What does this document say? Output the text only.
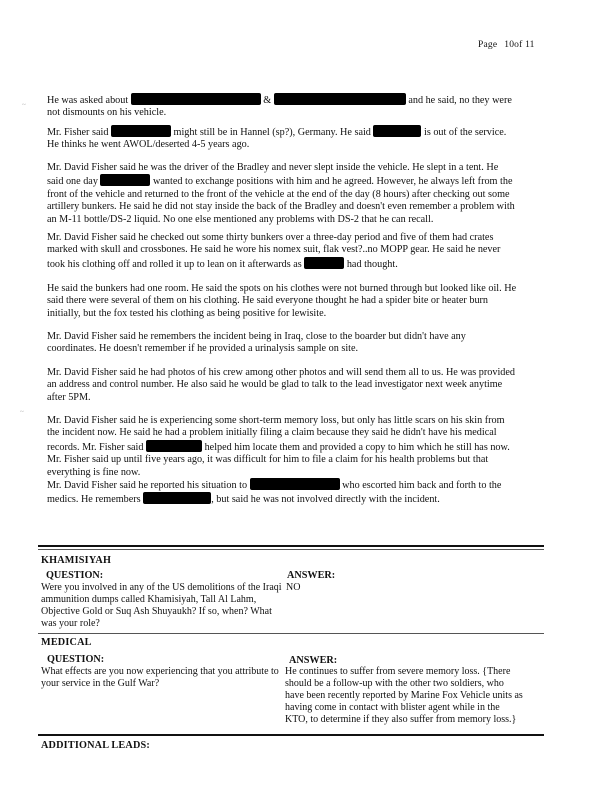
Page 10of 11
~ He was asked about	&	and he said, no they were not dismounts on his vehicle.

Mr. Fisher said	might still be in Hannel (sp?), Germany. He said	is out of the service. He thinks he went AWOL/deserted 4-5 years ago.

Mr. David Fisher said he was the driver of the Bradley and never slept inside the vehicle. He slept in a tent. He said one day	wanted to exchange positions with him and he agreed. However, he always left from the front of the vehicle and returned to the front of the vehicle at the end of the day (8 hours) after checking out some artillery bunkers. He said he did not stay inside the back of the Bradley and doesn't even remember a problem with an M-11 bottle/DS-2 liquid. No one else mentioned any problems with DS-2 that he can recall.

Mr. David Fisher said he checked out some thirty bunkers over a three-day period and five of them had crates marked with skull and crossbones. He said he wore his nomex suit, flak vest?..no MOPP gear. He said he never took his clothing off and rolled it up to lean on it afterwards as	had thought.

He said the bunkers had one room. He said the spots on his clothes were not burned through but looked like oil. He said there were several of them on his clothing. He said everyone thought he had a spider bite or heater burn initially, but the fox tested his clothing as being positive for lewisite.

Mr. David Fisher said he remembers the incident being in Iraq, close to the boarder but didn't have any coordinates. He doesn't remember if he provided a urinalysis sample on site.

~

Mr. David Fisher said he had photos of his crew among other photos and will send them all to us. He was provided an address and control number. He also said he would be glad to talk to the lead investigator next week anytime after 5PM.

Mr. David Fisher said he is experiencing some short-term memory loss, but only has little scars on his skin from the incident now. He said he had a problem initially filing a claim because they said he didn't have his medical records. Mr. Fisher said	helped him locate them and provided a copy to him which he still has now. Mr. Fisher said up until five years ago, it was difficult for him to file a claim for his health problems but that everything is fine now.

Mr. David Fisher said he reported his situation to	who escorted him back and forth to the medics. He remembers	, but said he was not involved directly with the incident.

KHAMISIYAH
QUESTION:	ANSWER:

Were you involved in any of the US demolitions of the Iraqi ammunition dumps called Khamisiyah, Tall Al Lahm, Objective Gold or Suq Ash Shuyaukh? If so, when? What was your role?

NO

MEDICAL
QUESTION:	ANSWER:

What effects are you now experiencing that you attribute to your service in the Gulf War?

He continues to suffer from severe memory loss. {There should be a follow-up with the other two soldiers, who have been recently reported by Marine Fox Vehicle units as having come in contact with blister agent while in the KTO, to determine if they also suffer from memory loss.}

ADDITIONAL LEADS:
